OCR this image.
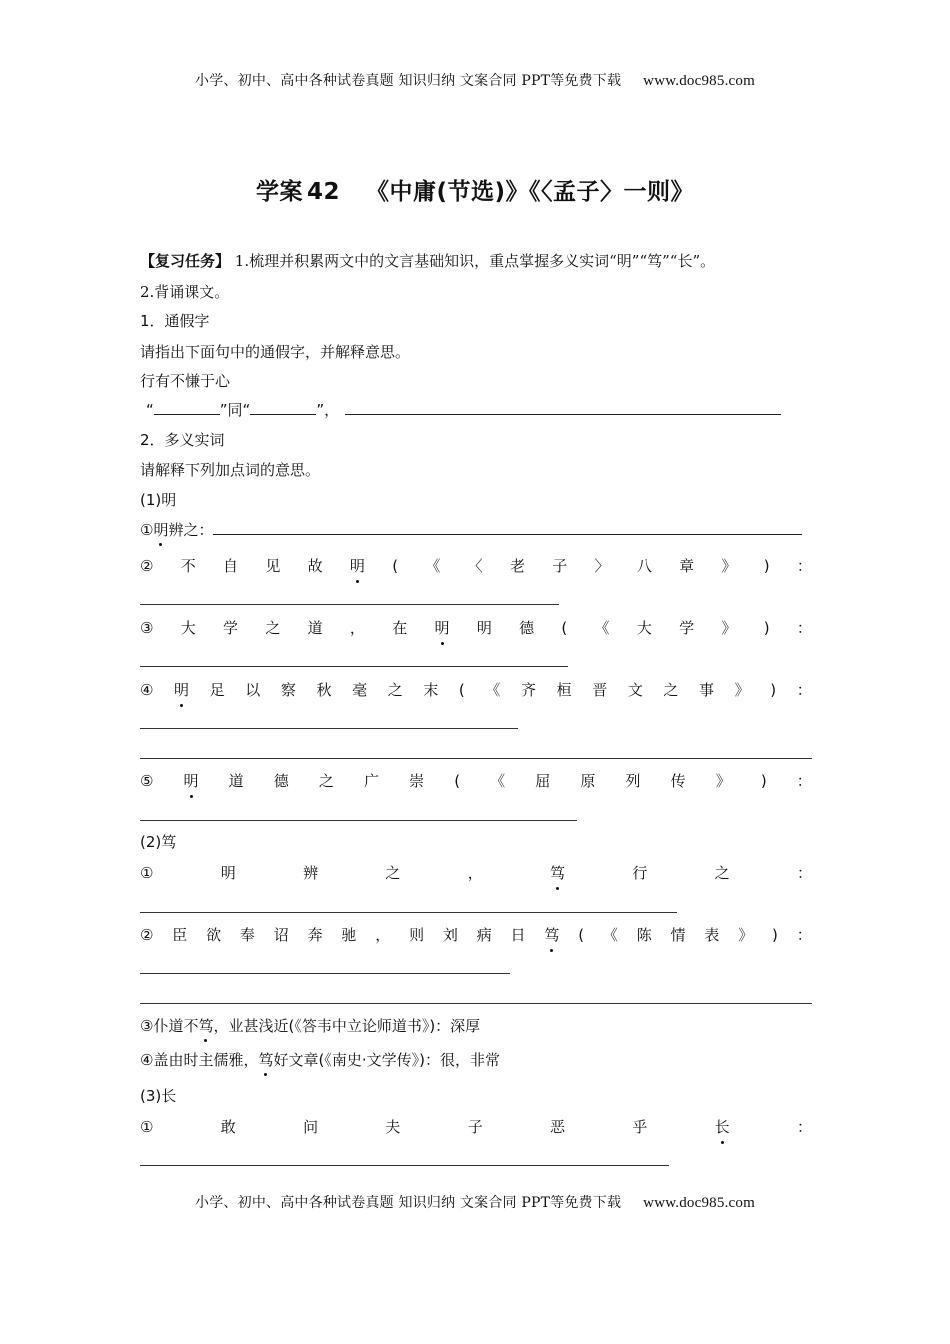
小学、初中、高中各种试卷真题 知识归纳 文案合同 PPT等免费下载 www.doc985.com
学案 42 《中庸(节选)》《〈孟子〉一则》
【复习任务】 1.梳理并积累两文中的文言基础知识，重点掌握多义实词“明”“笃”“长”。
2.背诵课文。
1．通假字
请指出下面句中的通假字，并解释意思。
行有不慊于心
“	”同“	”，
2．多义实词
请解释下列加点词的意思。
(1)明
①明辨之：
② 不 自 见 故 明 ( 《 〈 老 子 〉 八 章 》 ) ：
③ 大 学 之 道 ， 在 明 明 德 ( 《 大 学 》 ) ：
④ 明 足 以 察 秋 毫 之 末 ( 《 齐 桓 晋 文 之 事 》 ) ：
⑤ 明 道 德 之 广 崇 ( 《 屈 原 列 传 》 ) ：
(2)笃
①	明	辨	之	，	笃	行	之	：
② 臣 欲 奉 诏 奔 驰 ， 则 刘 病 日 笃 ( 《 陈 情 表 》 ) ：
③仆道不笃，业甚浅近(《答韦中立论师道书》)：深厚
④盖由时主儒雅，笃好文章(《南史·文学传》)：很，非常
(3)长
①	敢	问	夫	子	恶	乎	长	：
小学、初中、高中各种试卷真题 知识归纳 文案合同 PPT等免费下载 www.doc985.com
